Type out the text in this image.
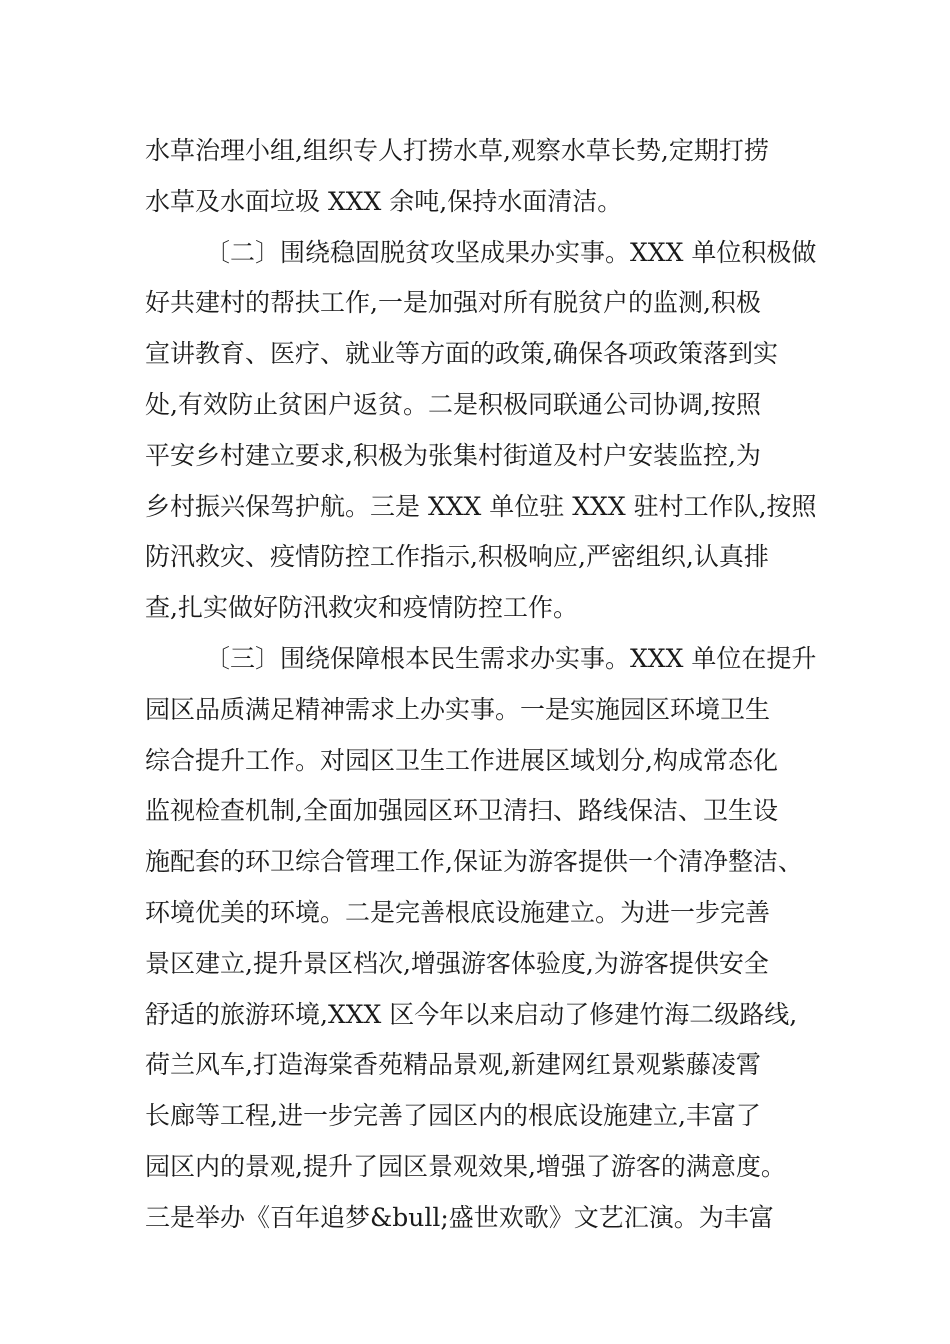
水草治理小组,组织专人打捞水草,观察水草长势,定期打捞
水草及水面垃圾 XXX 余吨,保持水面清洁。
〔二〕围绕稳固脱贫攻坚成果办实事。XXX 单位积极做
好共建村的帮扶工作,一是加强对所有脱贫户的监测,积极
宣讲教育、医疗、就业等方面的政策,确保各项政策落到实
处,有效防止贫困户返贫。二是积极同联通公司协调,按照
平安乡村建立要求,积极为张集村街道及村户安装监控,为
乡村振兴保驾护航。三是 XXX 单位驻 XXX 驻村工作队,按照
防汛救灾、疫情防控工作指示,积极响应,严密组织,认真排
查,扎实做好防汛救灾和疫情防控工作。
〔三〕围绕保障根本民生需求办实事。XXX 单位在提升
园区品质满足精神需求上办实事。一是实施园区环境卫生
综合提升工作。对园区卫生工作进展区域划分,构成常态化
监视检查机制,全面加强园区环卫清扫、路线保洁、卫生设
施配套的环卫综合管理工作,保证为游客提供一个清净整洁、
环境优美的环境。二是完善根底设施建立。为进一步完善
景区建立,提升景区档次,增强游客体验度,为游客提供安全
舒适的旅游环境,XXX 区今年以来启动了修建竹海二级路线,
荷兰风车,打造海棠香苑精品景观,新建网红景观紫藤凌霄
长廊等工程,进一步完善了园区内的根底设施建立,丰富了
园区内的景观,提升了园区景观效果,增强了游客的满意度。
三是举办《百年追梦&bull;盛世欢歌》文艺汇演。为丰富
